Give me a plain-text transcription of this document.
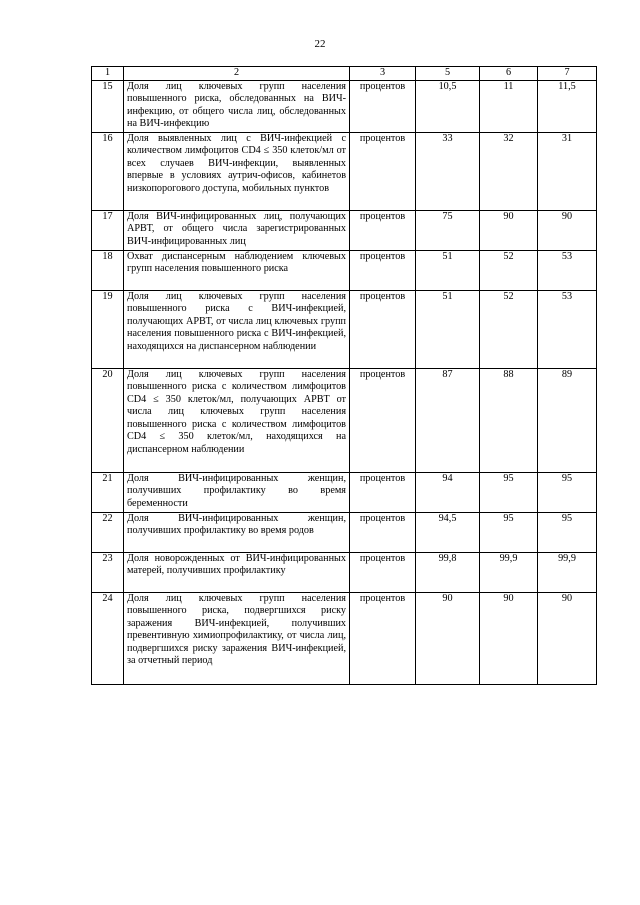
22
1	2	3	5	6	7
15	Доля лиц ключевых групп населения повышенного риска, обследованных на ВИЧ-инфекцию, от общего числа лиц, обследованных на ВИЧ-инфекцию	процентов	10,5	11	11,5
16	Доля выявленных лиц с ВИЧ-инфекцией с количеством лимфоцитов CD4 ≤ 350 клеток/мл от всех случаев ВИЧ-инфекции, выявленных впервые в условиях аутрич-офисов, кабинетов низкопорогового доступа, мобильных пунктов	процентов	33	32	31
17	Доля ВИЧ-инфицированных лиц, получающих АРВТ, от общего числа зарегистрированных ВИЧ-инфицированных лиц	процентов	75	90	90
18	Охват диспансерным наблюдением ключевых групп населения повышенного риска	процентов	51	52	53
19	Доля лиц ключевых групп населения повышенного риска с ВИЧ-инфекцией, получающих АРВТ, от числа лиц ключевых групп населения повышенного риска с ВИЧ-инфекцией, находящихся на диспансерном наблюдении	процентов	51	52	53
20	Доля лиц ключевых групп населения повышенного риска с количеством лимфоцитов CD4 ≤ 350 клеток/мл, получающих АРВТ от числа лиц ключевых групп населения повышенного риска с количеством лимфоцитов CD4 ≤ 350 клеток/мл, находящихся на диспансерном наблюдении	процентов	87	88	89
21	Доля ВИЧ-инфицированных женщин, получивших профилактику во время беременности	процентов	94	95	95
22	Доля ВИЧ-инфицированных женщин, получивших профилактику во время родов	процентов	94,5	95	95
23	Доля новорожденных от ВИЧ-инфицированных матерей, получивших профилактику	процентов	99,8	99,9	99,9
24	Доля лиц ключевых групп населения повышенного риска, подвергшихся риску заражения ВИЧ-инфекцией, получивших превентивную химиопрофилактику, от числа лиц, подвергшихся риску заражения ВИЧ-инфекцией, за отчетный период	процентов	90	90	90
